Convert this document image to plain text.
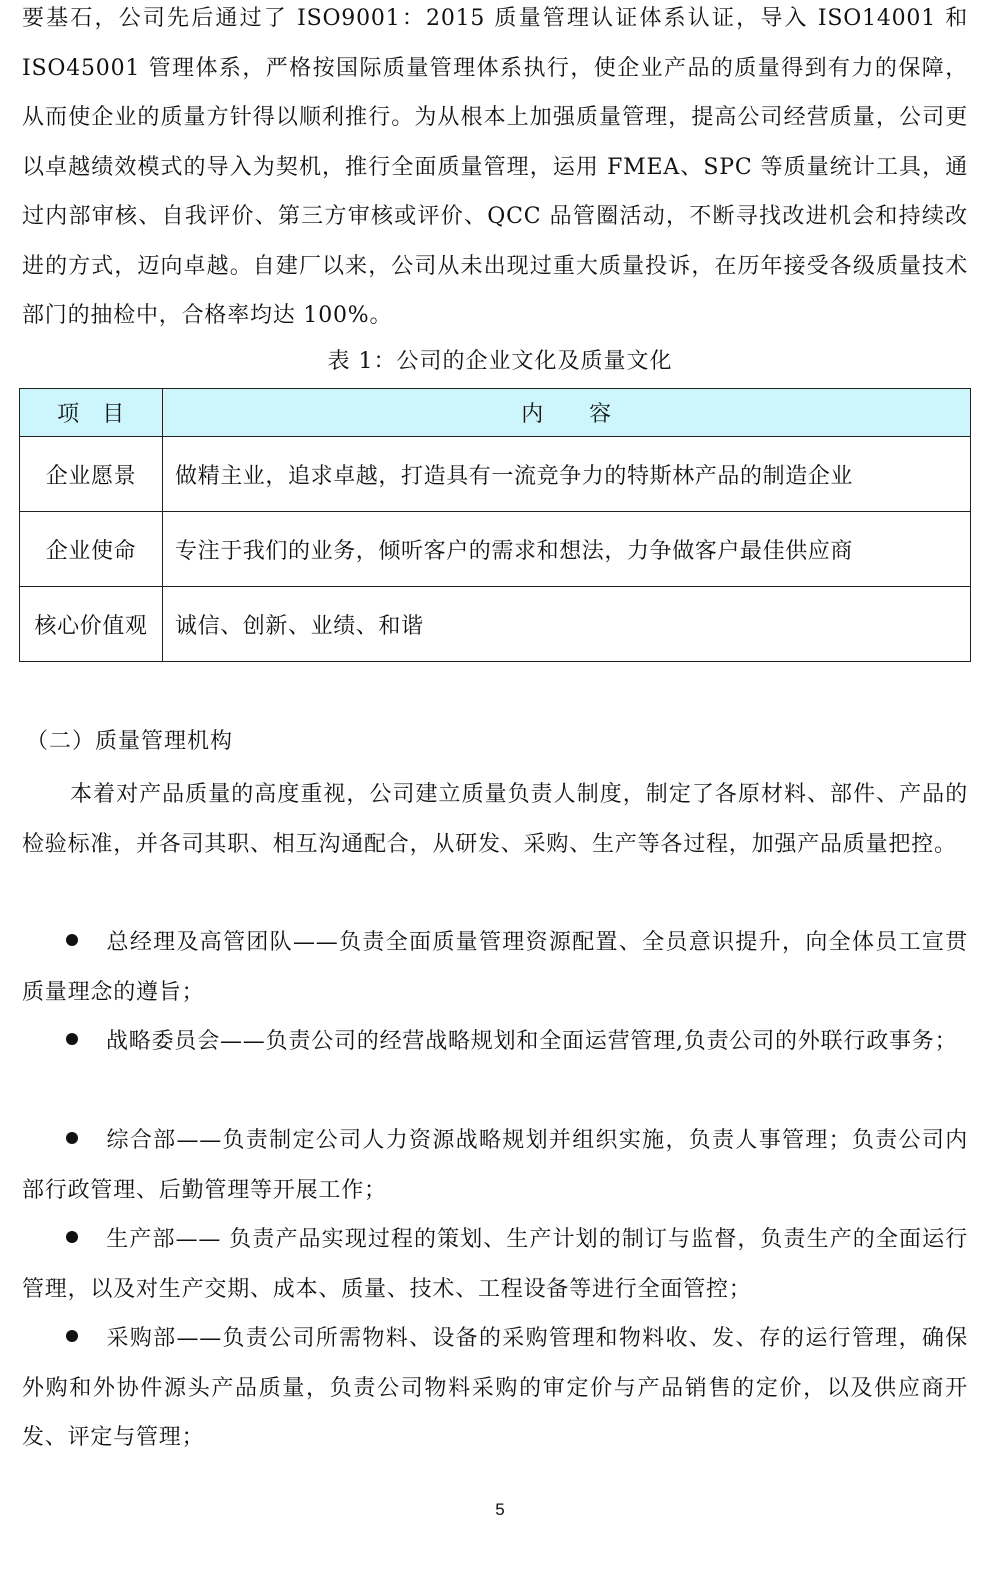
要基石，公司先后通过了 ISO9001：2015 质量管理认证体系认证，导入 ISO14001 和 ISO45001 管理体系，严格按国际质量管理体系执行，使企业产品的质量得到有力的保障，从而使企业的质量方针得以顺利推行。为从根本上加强质量管理，提高公司经营质量，公司更以卓越绩效模式的导入为契机，推行全面质量管理，运用 FMEA、SPC 等质量统计工具，通过内部审核、自我评价、第三方审核或评价、QCC 品管圈活动，不断寻找改进机会和持续改进的方式，迈向卓越。自建厂以来，公司从未出现过重大质量投诉，在历年接受各级质量技术部门的抽检中，合格率均达 100%。

表 1：公司的企业文化及质量文化
项　目	内　　容
企业愿景	做精主业，追求卓越，打造具有一流竞争力的特斯林产品的制造企业
企业使命	专注于我们的业务，倾听客户的需求和想法，力争做客户最佳供应商
核心价值观	诚信、创新、业绩、和谐
（二）质量管理机构

本着对产品质量的高度重视，公司建立质量负责人制度，制定了各原材料、部件、产品的检验标准，并各司其职、相互沟通配合，从研发、采购、生产等各过程，加强产品质量把控。

总经理及高管团队——负责全面质量管理资源配置、全员意识提升，向全体员工宣贯质量理念的遵旨；

战略委员会——负责公司的经营战略规划和全面运营管理,负责公司的外联行政事务；

综合部——负责制定公司人力资源战略规划并组织实施，负责人事管理；负责公司内部行政管理、后勤管理等开展工作；

生产部—— 负责产品实现过程的策划、生产计划的制订与监督，负责生产的全面运行管理，以及对生产交期、成本、质量、技术、工程设备等进行全面管控；

采购部——负责公司所需物料、设备的采购管理和物料收、发、存的运行管理，确保外购和外协件源头产品质量，负责公司物料采购的审定价与产品销售的定价，以及供应商开发、评定与管理；

5
